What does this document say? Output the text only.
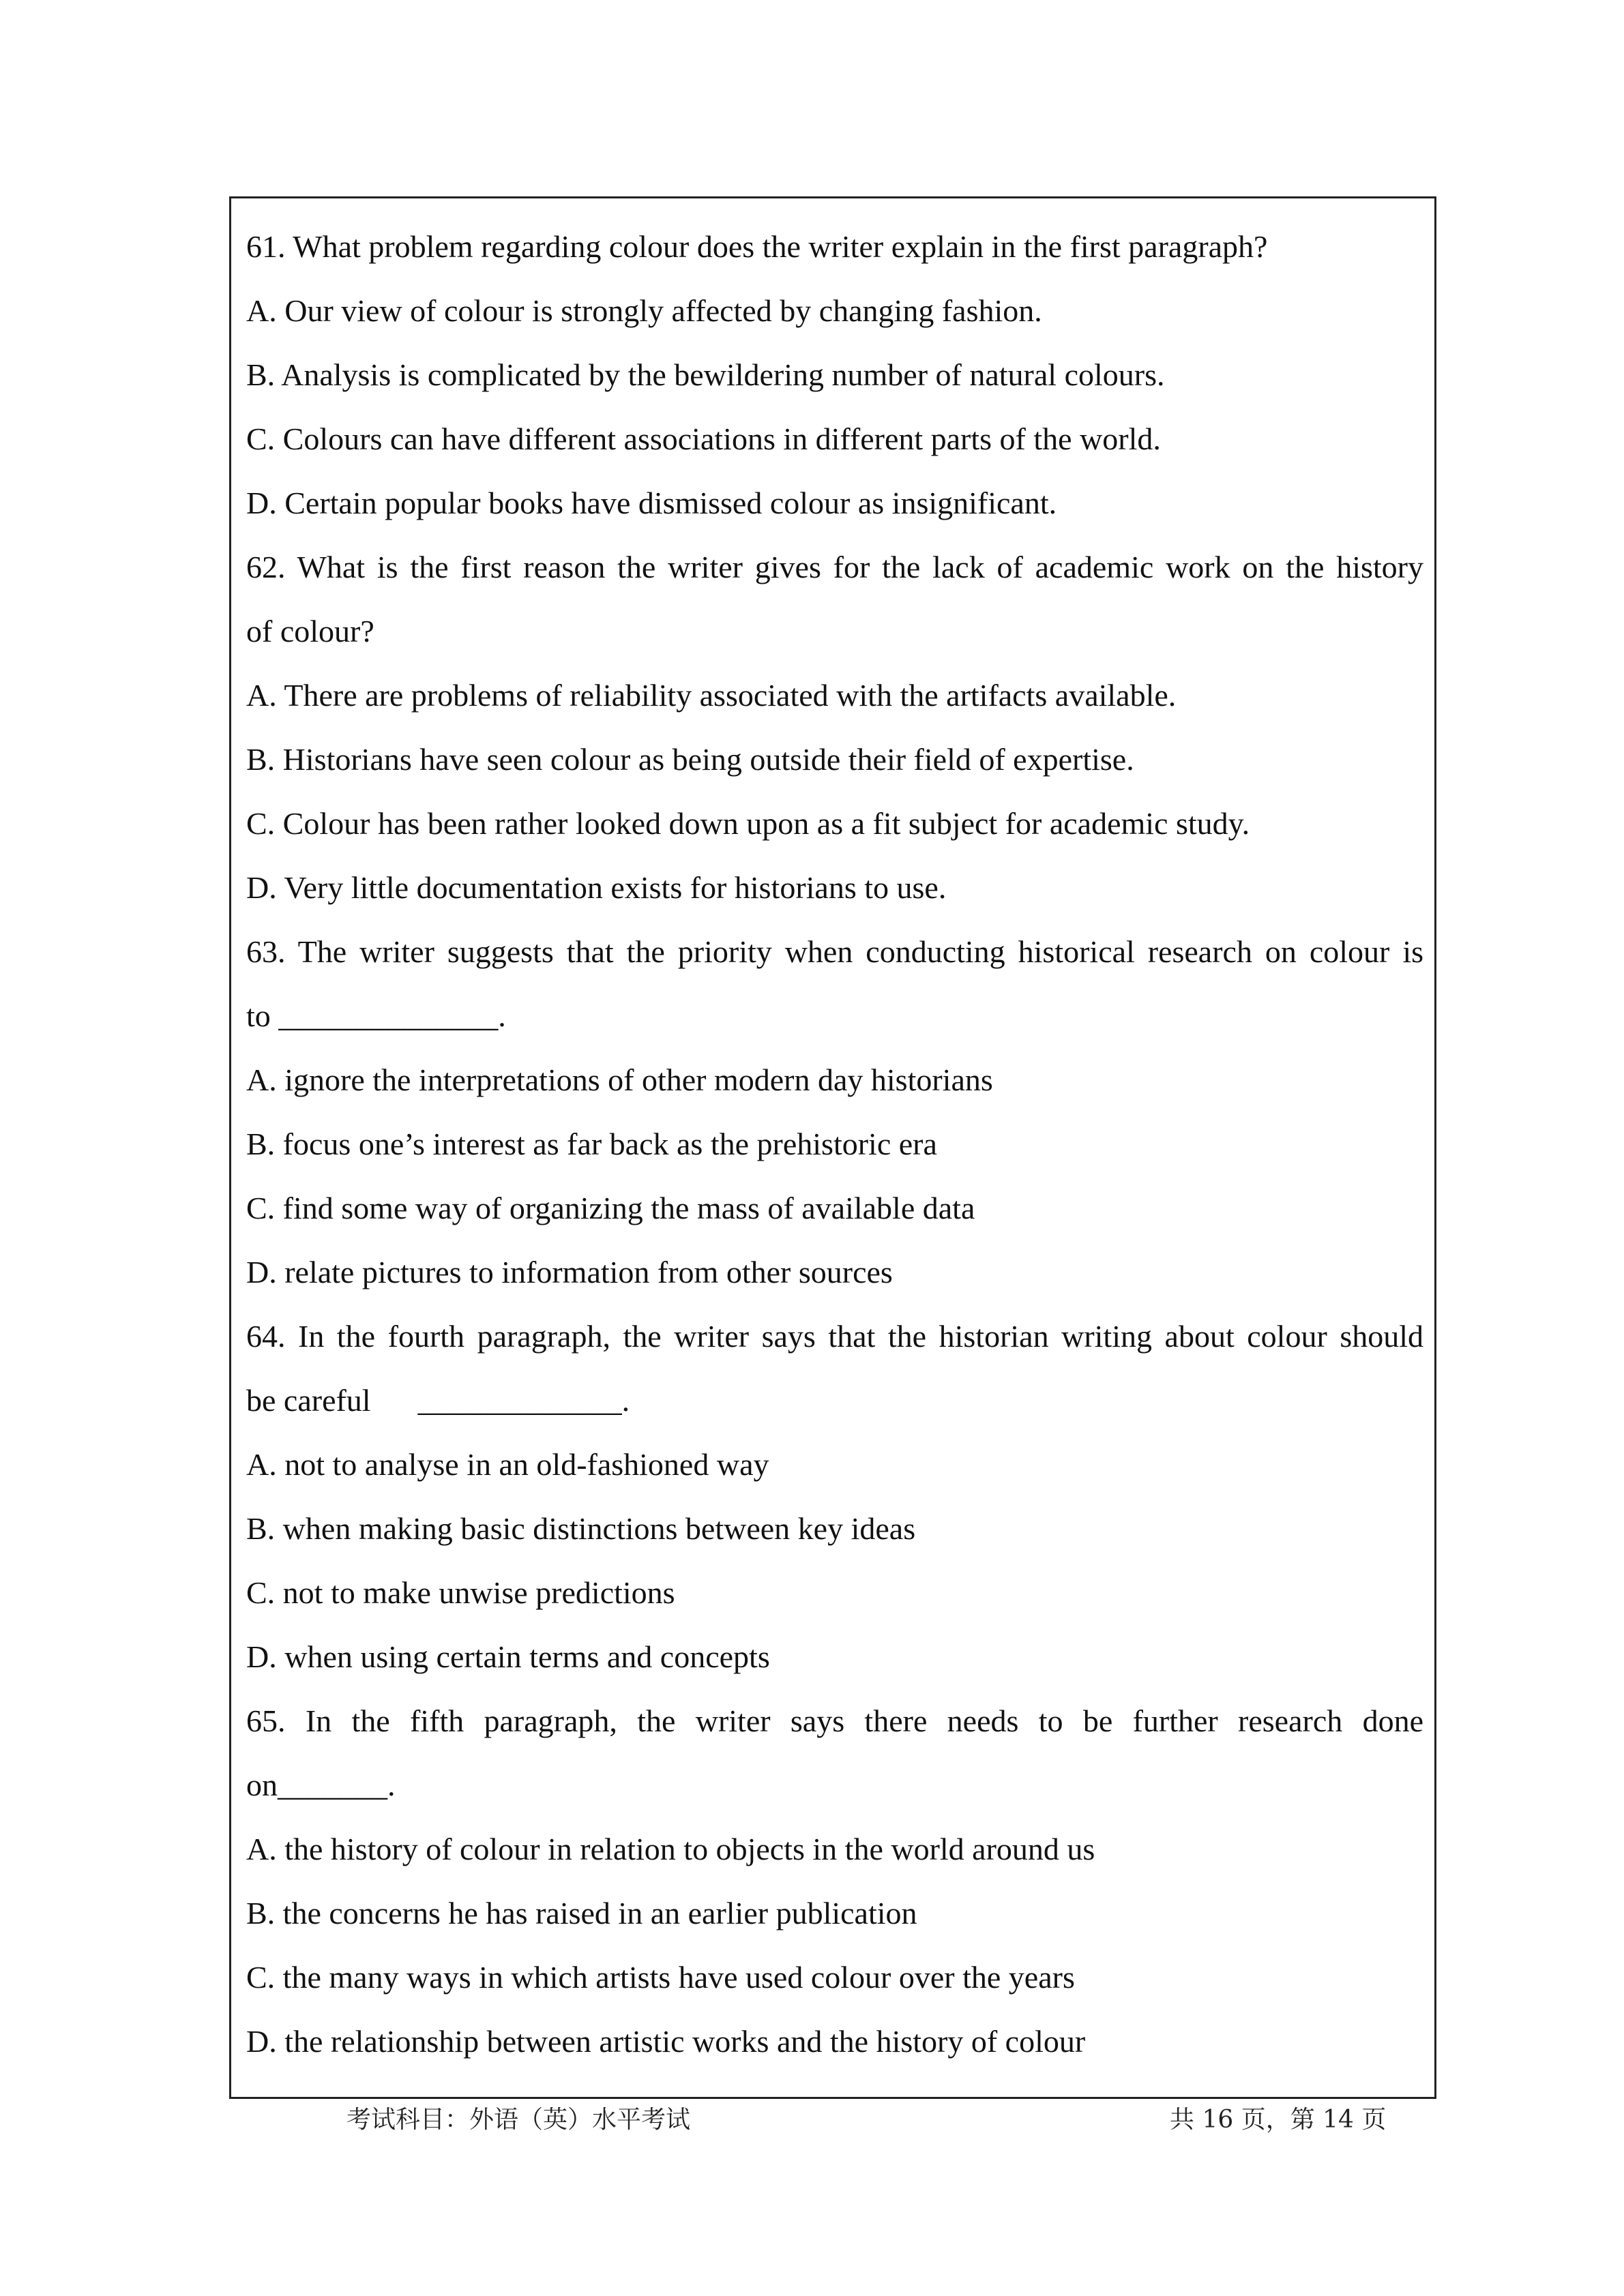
61. What problem regarding colour does the writer explain in the first paragraph?
A. Our view of colour is strongly affected by changing fashion.
B. Analysis is complicated by the bewildering number of natural colours.
C. Colours can have different associations in different parts of the world.
D. Certain popular books have dismissed colour as insignificant.
62. What is the first reason the writer gives for the lack of academic work on the history
of colour?
A. There are problems of reliability associated with the artifacts available.
B. Historians have seen colour as being outside their field of expertise.
C. Colour has been rather looked down upon as a fit subject for academic study.
D. Very little documentation exists for historians to use.
63. The writer suggests that the priority when conducting historical research on colour is
to ______________.
A. ignore the interpretations of other modern day historians
B. focus one’s interest as far back as the prehistoric era
C. find some way of organizing the mass of available data
D. relate pictures to information from other sources
64. In the fourth paragraph, the writer says that the historian writing about colour should
be careful      _____________.
A. not to analyse in an old-fashioned way
B. when making basic distinctions between key ideas
C. not to make unwise predictions
D. when using certain terms and concepts
65. In the fifth paragraph, the writer says there needs to be further research done
on_______.
A. the history of colour in relation to objects in the world around us
B. the concerns he has raised in an earlier publication
C. the many ways in which artists have used colour over the years
D. the relationship between artistic works and the history of colour
考试科目：外语（英）水平考试	共 16 页，第 14 页
